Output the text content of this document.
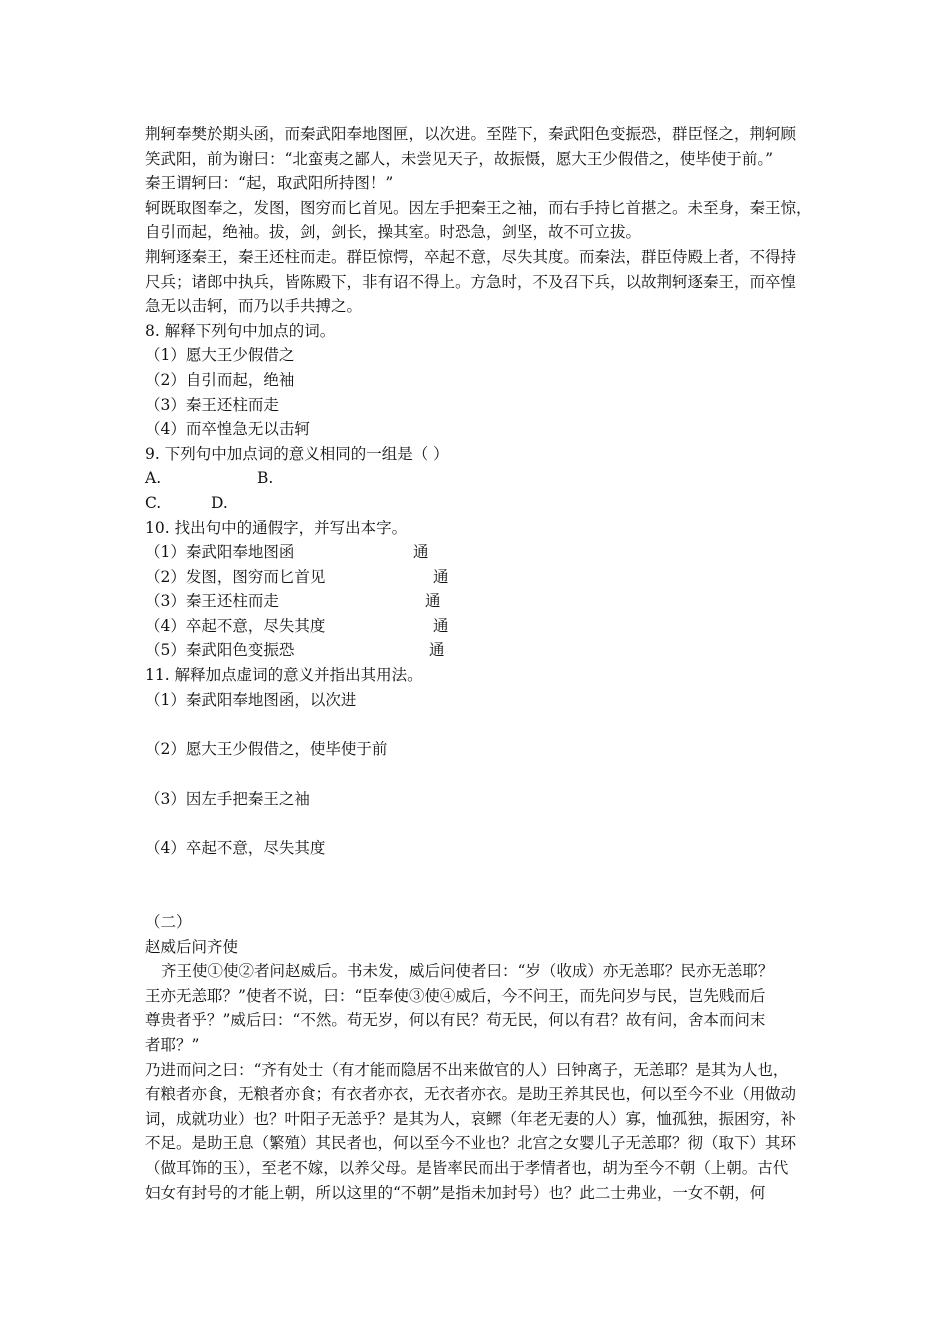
荆轲奉樊於期头函，而秦武阳奉地图匣，以次进。至陛下，秦武阳色变振恐，群臣怪之，荆轲顾
笑武阳，前为谢曰：“北蛮夷之鄙人，未尝见天子，故振慑，愿大王少假借之，使毕使于前。”
秦王谓轲曰：“起，取武阳所持图！”
轲既取图奉之，发图，图穷而匕首见。因左手把秦王之袖，而右手持匕首揕之。未至身，秦王惊，
自引而起，绝袖。拔，剑，剑长，操其室。时恐急，剑坚，故不可立拔。
荆轲逐秦王，秦王还柱而走。群臣惊愕，卒起不意，尽失其度。而秦法，群臣侍殿上者，不得持
尺兵；诸郎中执兵，皆陈殿下，非有诏不得上。方急时，不及召下兵，以故荆轲逐秦王，而卒惶
急无以击轲，而乃以手共搏之。
8. 解释下列句中加点的词。
（1）愿大王少假借之
（2）自引而起，绝袖
（3）秦王还柱而走
（4）而卒惶急无以击轲
9. 下列句中加点词的意义相同的一组是（ ）
A.	B.
C.	D.
10. 找出句中的通假字，并写出本字。
（1）秦武阳奉地图函	通
（2）发图，图穷而匕首见	通
（3）秦王还柱而走	通
（4）卒起不意，尽失其度	通
（5）秦武阳色变振恐	通
11. 解释加点虚词的意义并指出其用法。
（1）秦武阳奉地图函，以次进
（2）愿大王少假借之，使毕使于前
（3）因左手把秦王之袖
（4）卒起不意，尽失其度
（二）
赵威后问齐使
齐王使①使②者问赵威后。书未发，威后问使者曰：“岁（收成）亦无恙耶？民亦无恙耶？
王亦无恙耶？”使者不说，曰：“臣奉使③使④威后，今不问王，而先问岁与民，岂先贱而后
尊贵者乎？”威后曰：“不然。苟无岁，何以有民？苟无民，何以有君？故有问，舍本而问末
者耶？”
乃进而问之曰：“齐有处士（有才能而隐居不出来做官的人）曰钟离子，无恙耶？是其为人也，
有粮者亦食，无粮者亦食；有衣者亦衣，无衣者亦衣。是助王养其民也，何以至今不业（用做动
词，成就功业）也？叶阳子无恙乎？是其为人，哀鳏（年老无妻的人）寡，恤孤独，振困穷，补
不足。是助王息（繁殖）其民者也，何以至今不业也？北宫之女婴儿子无恙耶？彻（取下）其环
（做耳饰的玉），至老不嫁，以养父母。是皆率民而出于孝情者也，胡为至今不朝（上朝。古代
妇女有封号的才能上朝，所以这里的“不朝”是指未加封号）也？此二士弗业，一女不朝，何
